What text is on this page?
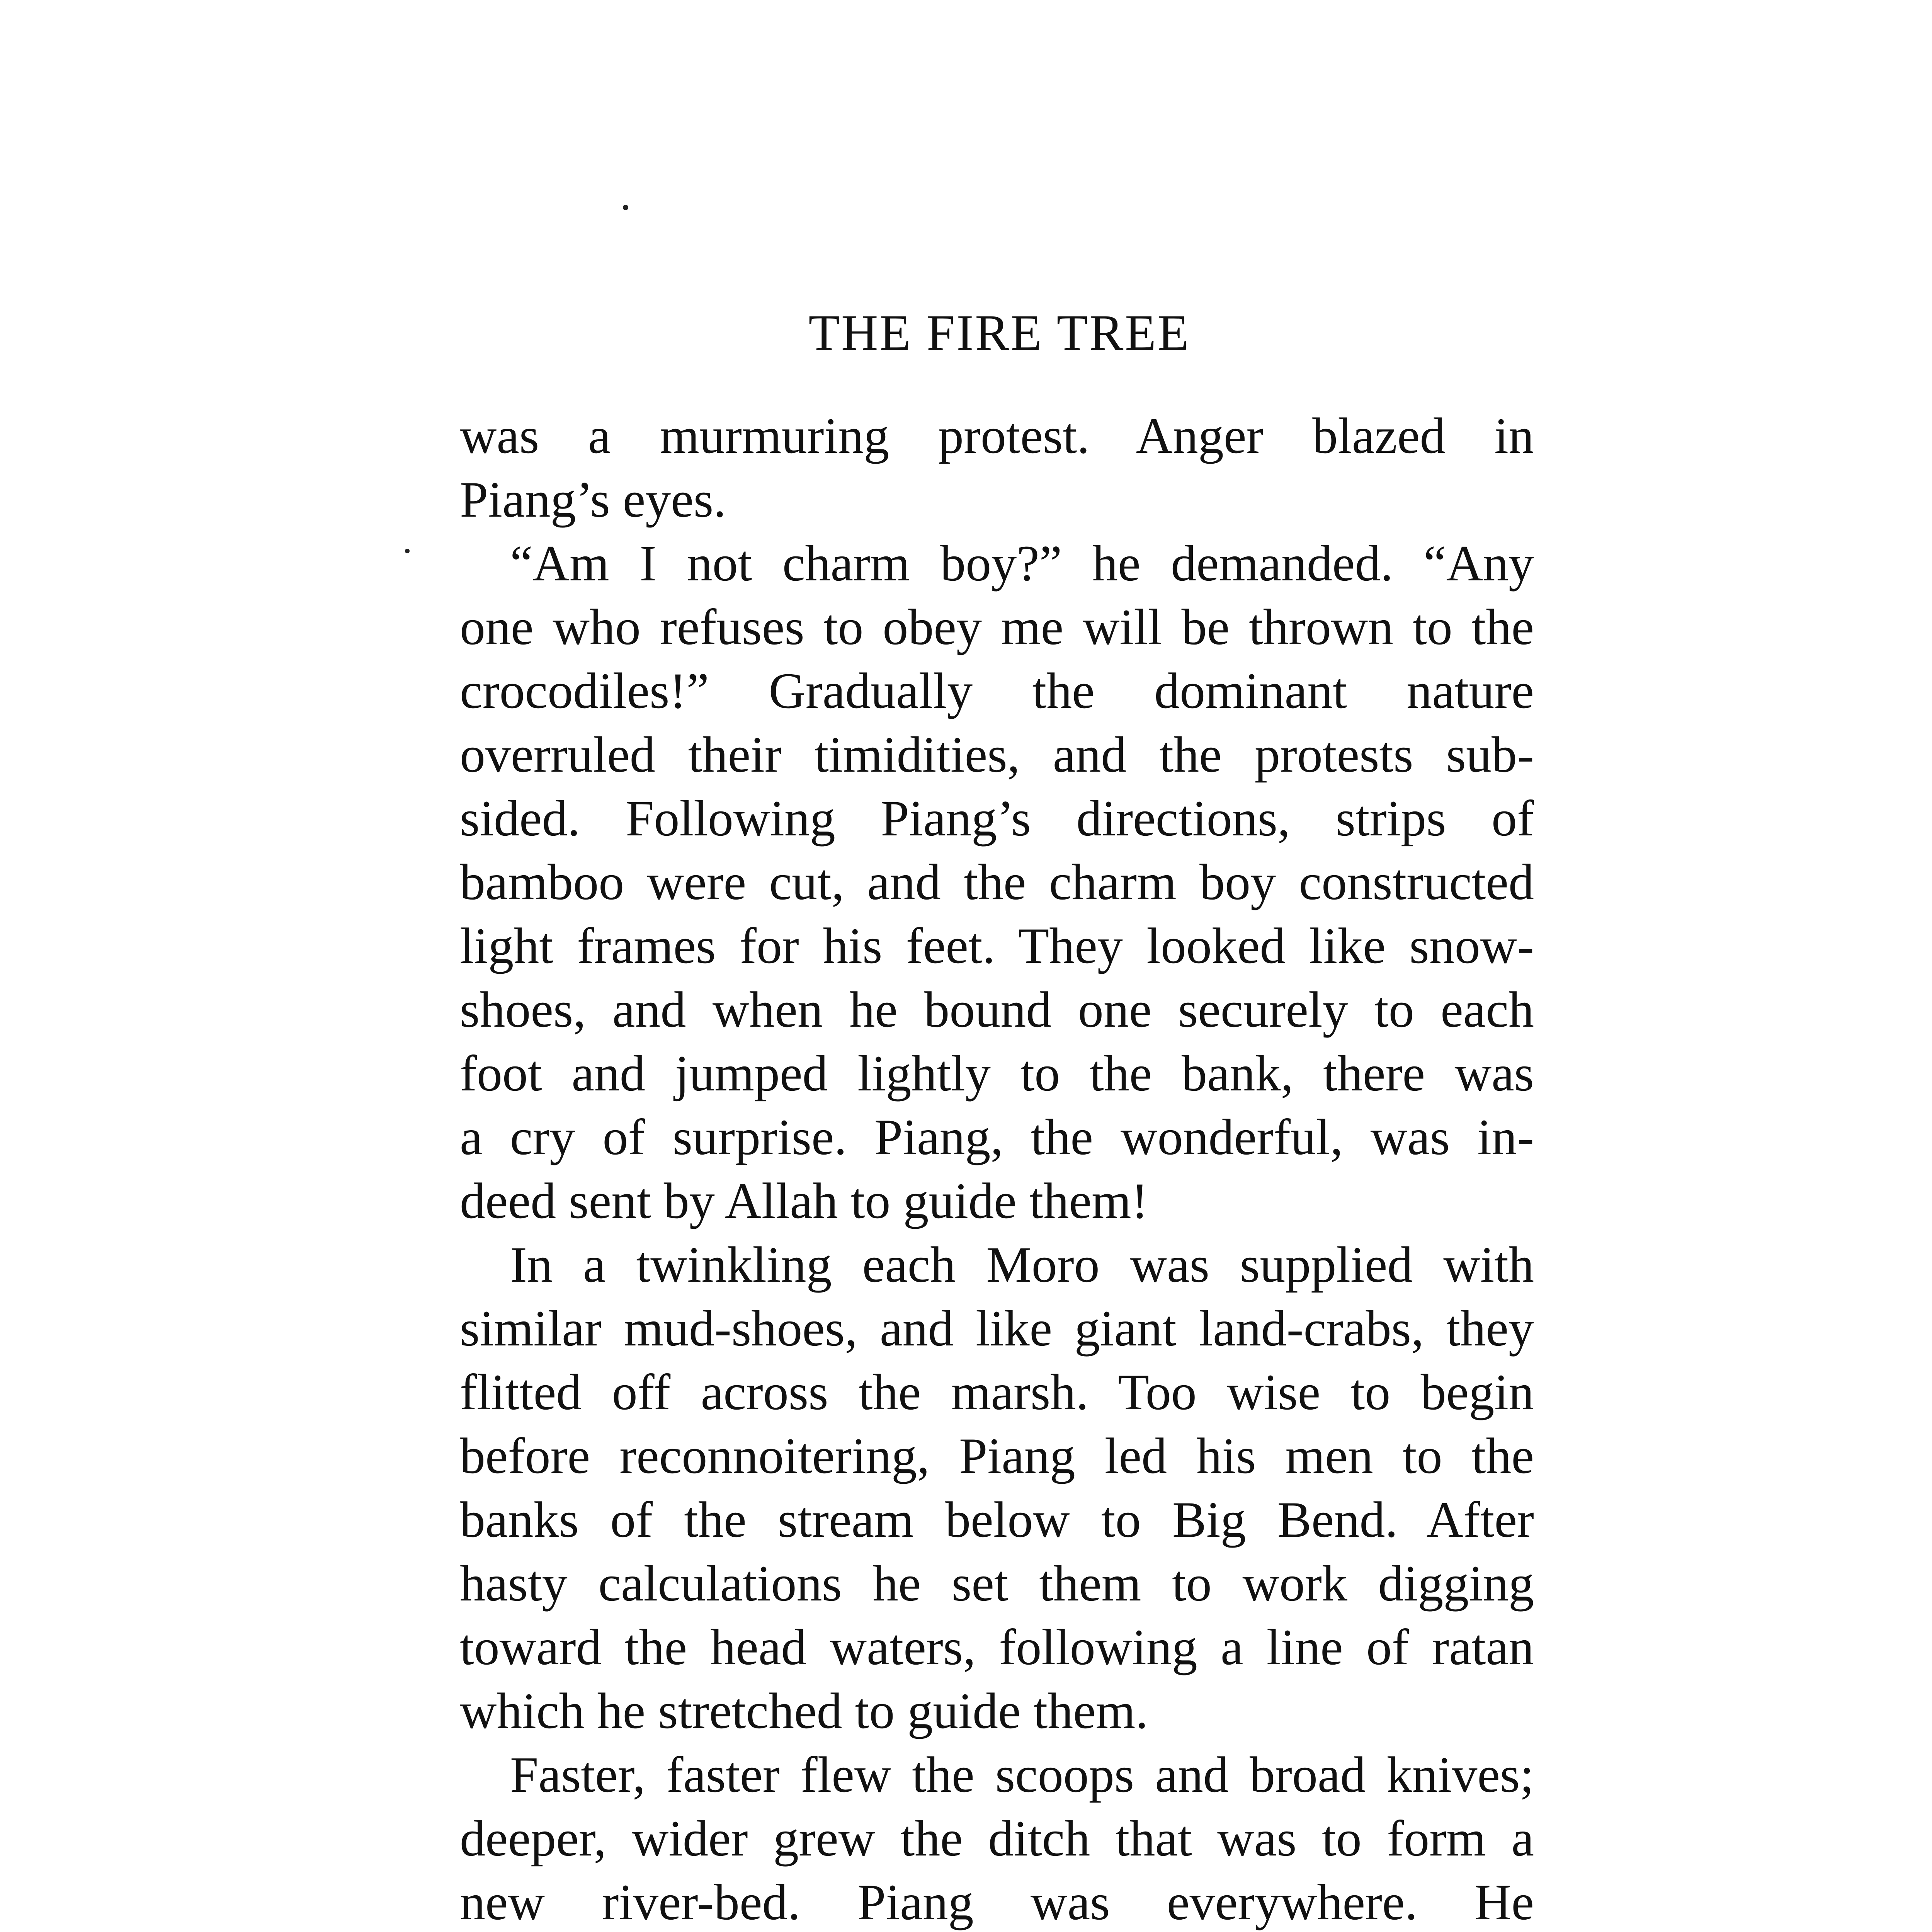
THE FIRE TREE
was a murmuring protest. Anger blazed in
Piang’s eyes.
“Am I not charm boy?” he demanded. “Any
one who refuses to obey me will be thrown to the
crocodiles!” Gradually the dominant nature
overruled their timidities, and the protests sub-
sided. Following Piang’s directions, strips of
bamboo were cut, and the charm boy constructed
light frames for his feet. They looked like snow-
shoes, and when he bound one securely to each
foot and jumped lightly to the bank, there was
a cry of surprise. Piang, the wonderful, was in-
deed sent by Allah to guide them!
In a twinkling each Moro was supplied with
similar mud-shoes, and like giant land-crabs, they
flitted off across the marsh. Too wise to begin
before reconnoitering, Piang led his men to the
banks of the stream below to Big Bend. After
hasty calculations he set them to work digging
toward the head waters, following a line of ratan
which he stretched to guide them.
Faster, faster flew the scoops and broad knives;
deeper, wider grew the ditch that was to form a
new river-bed. Piang was everywhere. He
